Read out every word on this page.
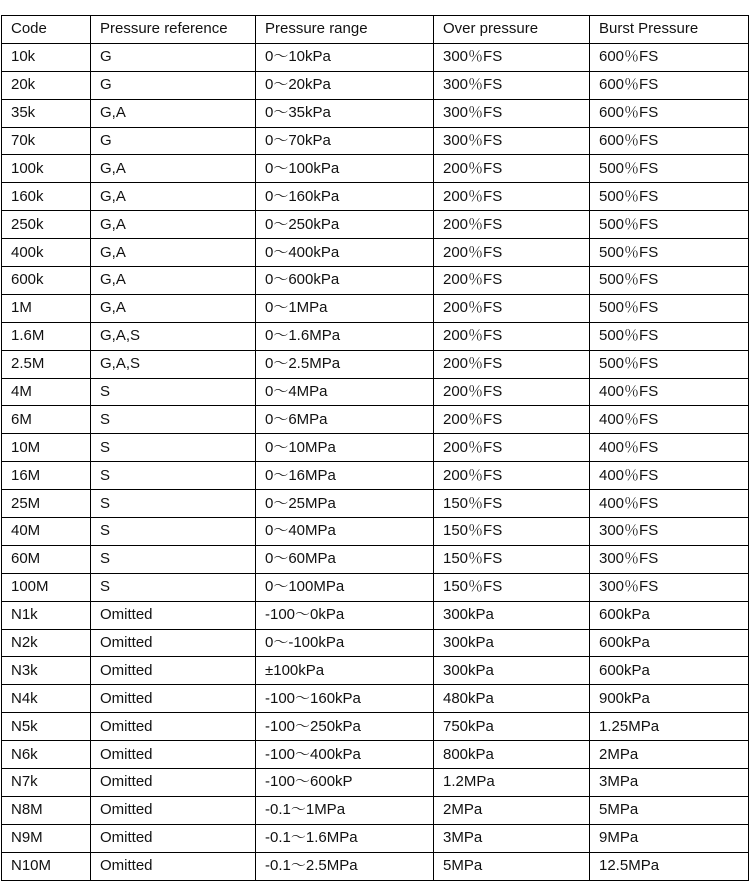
Code	Pressure reference	Pressure range	Over pressure	Burst Pressure
10k	G	0～10kPa	300％FS	600％FS
20k	G	0～20kPa	300％FS	600％FS
35k	G,A	0～35kPa	300％FS	600％FS
70k	G	0～70kPa	300％FS	600％FS
100k	G,A	0～100kPa	200％FS	500％FS
160k	G,A	0～160kPa	200％FS	500％FS
250k	G,A	0～250kPa	200％FS	500％FS
400k	G,A	0～400kPa	200％FS	500％FS
600k	G,A	0～600kPa	200％FS	500％FS
1M	G,A	0～1MPa	200％FS	500％FS
1.6M	G,A,S	0～1.6MPa	200％FS	500％FS
2.5M	G,A,S	0～2.5MPa	200％FS	500％FS
4M	S	0～4MPa	200％FS	400％FS
6M	S	0～6MPa	200％FS	400％FS
10M	S	0～10MPa	200％FS	400％FS
16M	S	0～16MPa	200％FS	400％FS
25M	S	0～25MPa	150％FS	400％FS
40M	S	0～40MPa	150％FS	300％FS
60M	S	0～60MPa	150％FS	300％FS
100M	S	0～100MPa	150％FS	300％FS
N1k	Omitted	-100～0kPa	300kPa	600kPa
N2k	Omitted	0～-100kPa	300kPa	600kPa
N3k	Omitted	±100kPa	300kPa	600kPa
N4k	Omitted	-100～160kPa	480kPa	900kPa
N5k	Omitted	-100～250kPa	750kPa	1.25MPa
N6k	Omitted	-100～400kPa	800kPa	2MPa
N7k	Omitted	-100～600kP	1.2MPa	3MPa
N8M	Omitted	-0.1～1MPa	2MPa	5MPa
N9M	Omitted	-0.1～1.6MPa	3MPa	9MPa
N10M	Omitted	-0.1～2.5MPa	5MPa	12.5MPa
